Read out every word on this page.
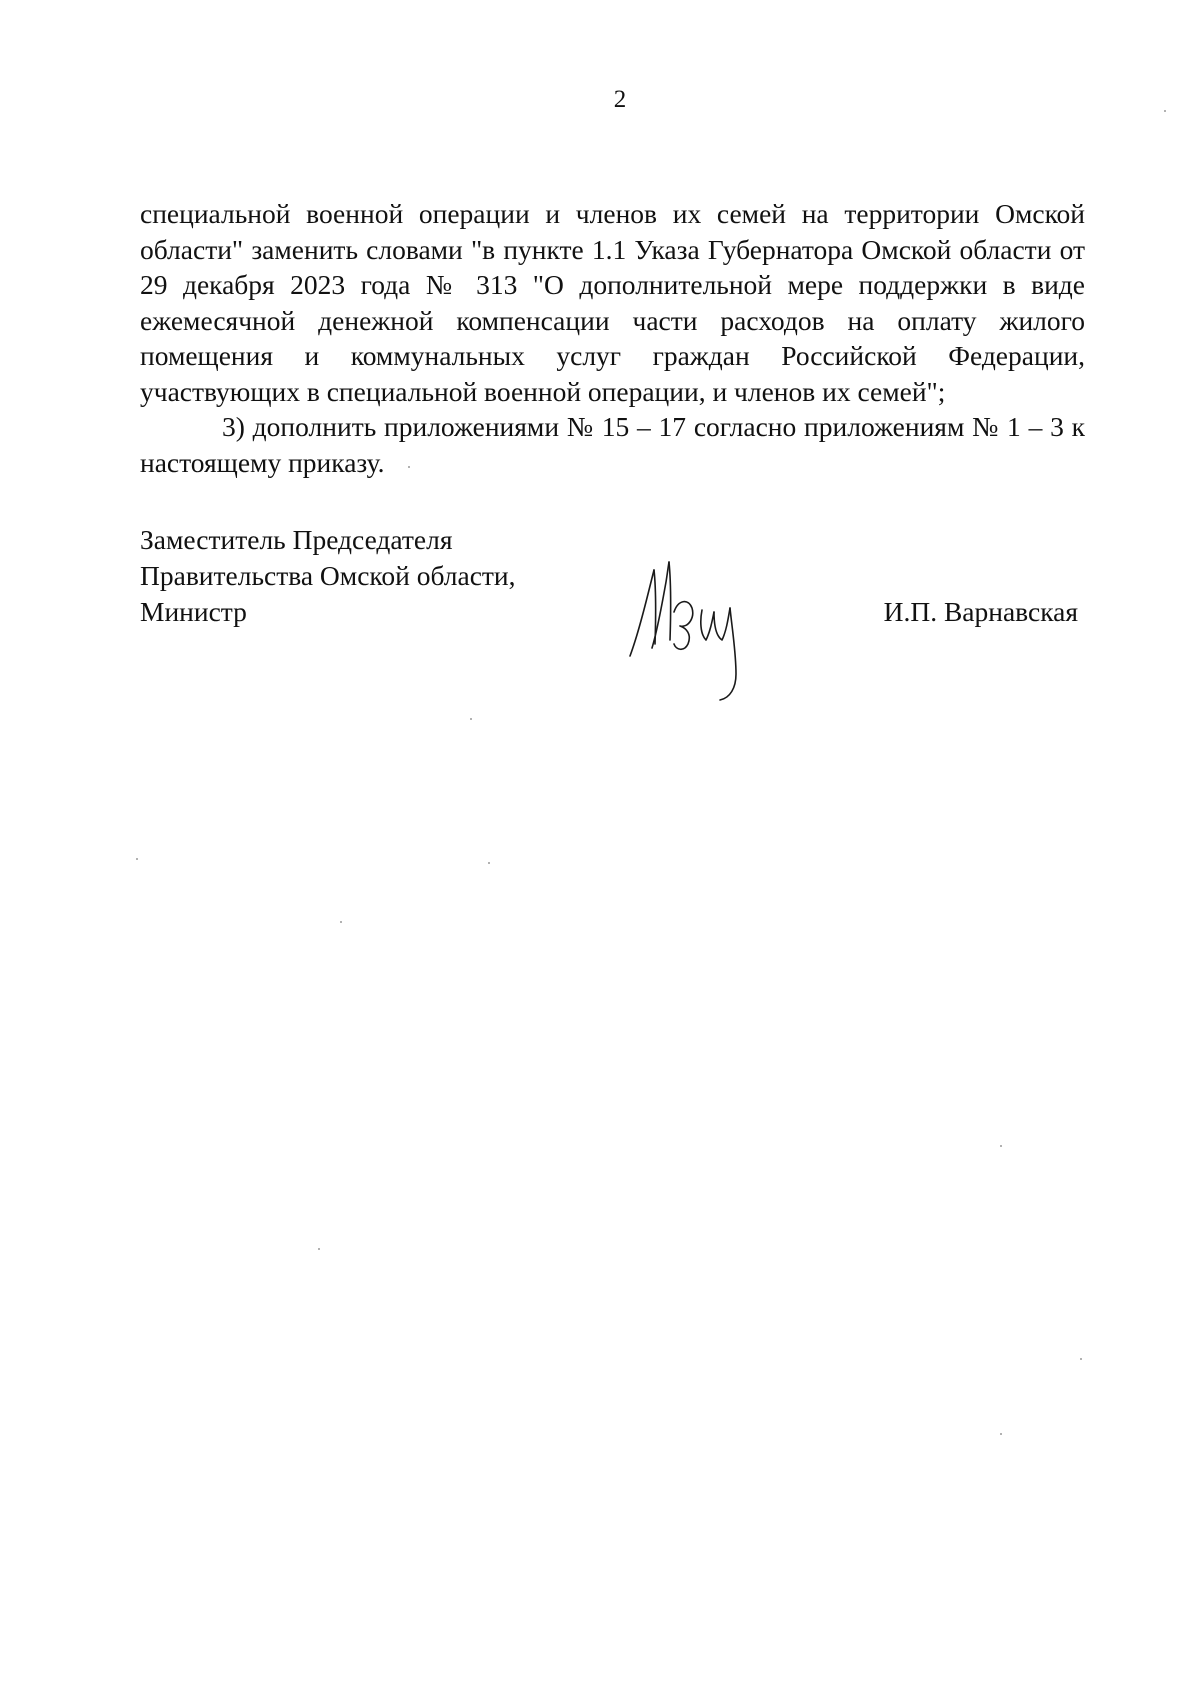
2

специальной военной операции и членов их семей на территории Омской области" заменить словами "в пункте 1.1 Указа Губернатора Омской области от 29 декабря 2023 года № 313 "О дополнительной мере поддержки в виде ежемесячной денежной компенсации части расходов на оплату жилого помещения и коммунальных услуг граждан Российской Федерации, участвующих в специальной военной операции, и членов их семей";

3) дополнить приложениями № 15 – 17 согласно приложениям № 1 – 3 к настоящему приказу.

Заместитель Председателя
Правительства Омской области,
Министр	И.П. Варнавская
